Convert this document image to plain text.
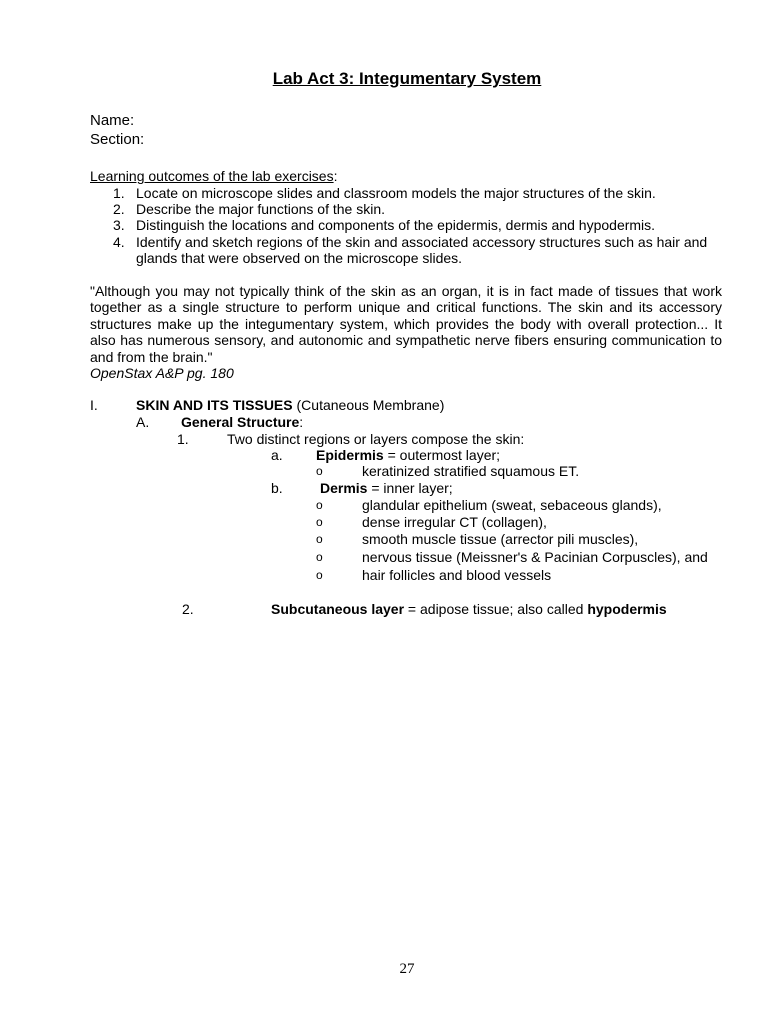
Lab Act 3: Integumentary System
Name:
Section:
Learning outcomes of the lab exercises:
1. Locate on microscope slides and classroom models the major structures of the skin.
2. Describe the major functions of the skin.
3. Distinguish the locations and components of the epidermis, dermis and hypodermis.
4. Identify and sketch regions of the skin and associated accessory structures such as hair and
glands that were observed on the microscope slides.
"Although you may not typically think of the skin as an organ, it is in fact made of tissues that work together as a single structure to perform unique and critical functions. The skin and its accessory structures make up the integumentary system, which provides the body with overall protection... It also has numerous sensory, and autonomic and sympathetic nerve fibers ensuring communication to and from the brain."
OpenStax A&P pg. 180
I.	SKIN AND ITS TISSUES (Cutaneous Membrane)
A. General Structure:
1.	Two distinct regions or layers compose the skin:
a. Epidermis = outermost layer;
o	keratinized stratified squamous ET.
b.	Dermis = inner layer;
o	glandular epithelium (sweat, sebaceous glands),
o	dense irregular CT (collagen),
o	smooth muscle tissue (arrector pili muscles),
o	nervous tissue (Meissner's & Pacinian Corpuscles), and
o	hair follicles and blood vessels
2.	Subcutaneous layer = adipose tissue; also called hypodermis
27
